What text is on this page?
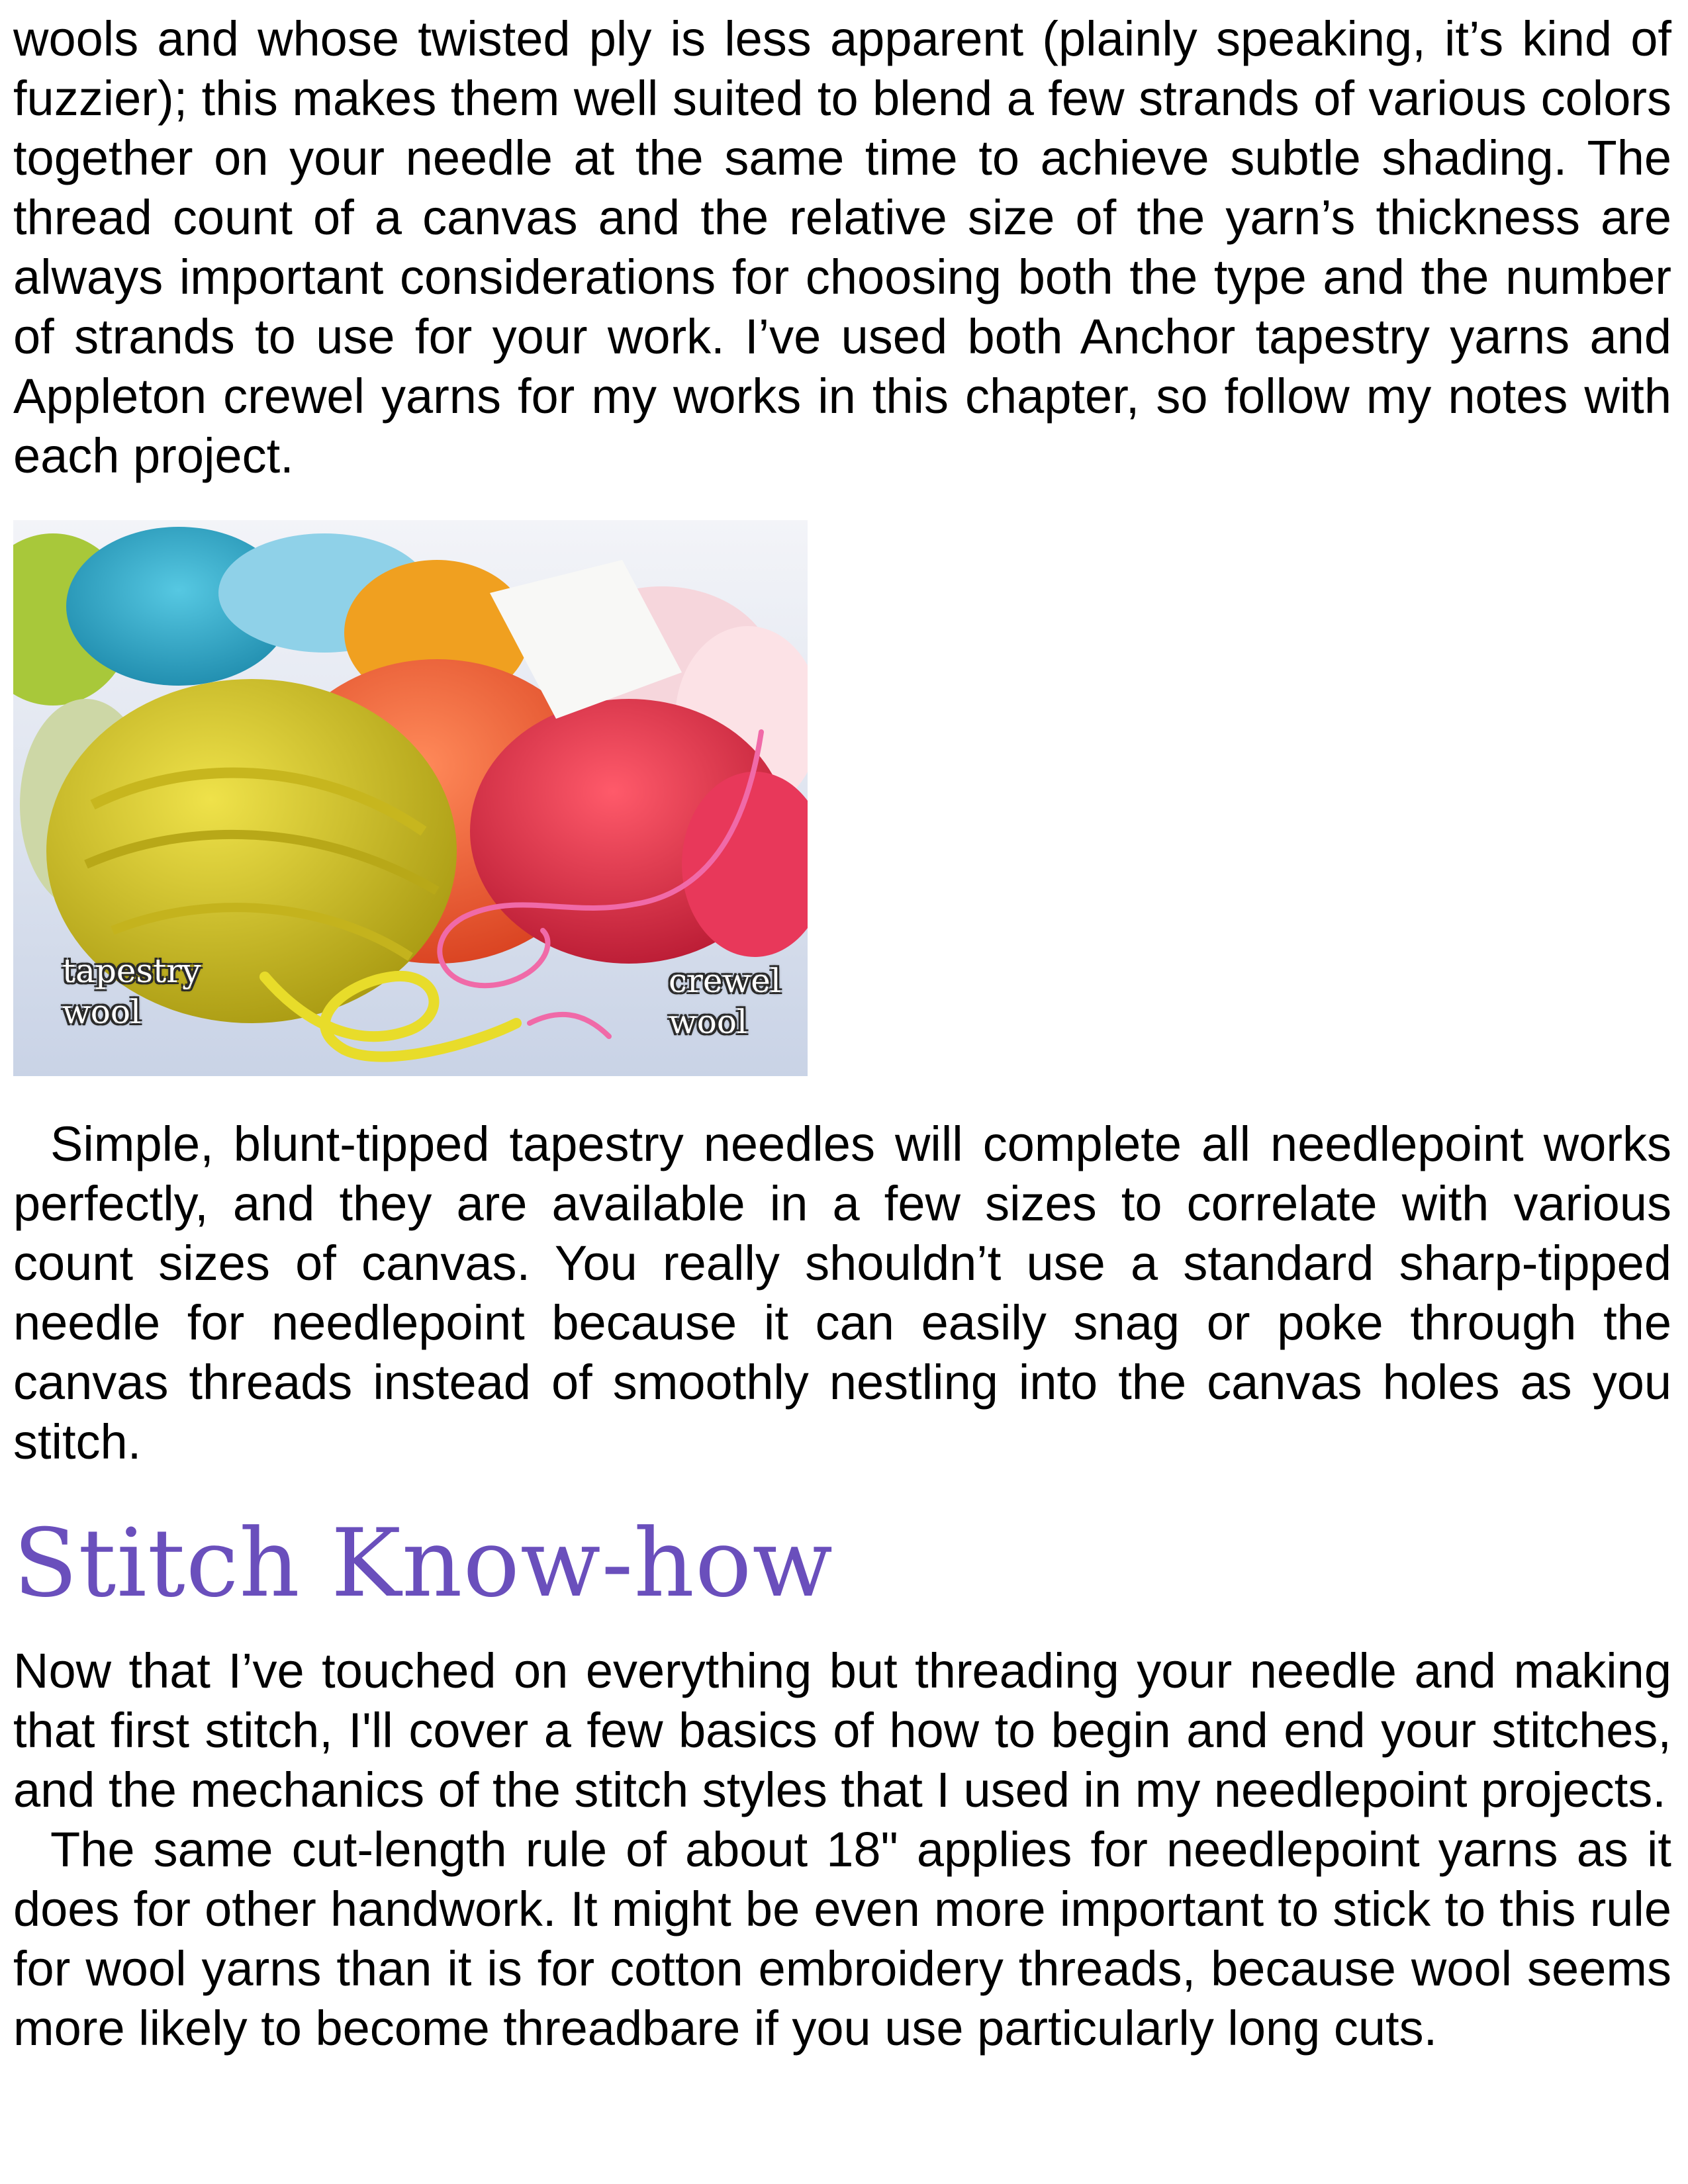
wools and whose twisted ply is less apparent (plainly speaking, it’s kind of fuzzier); this makes them well suited to blend a few strands of various colors together on your needle at the same time to achieve subtle shading. The thread count of a canvas and the relative size of the yarn’s thickness are always important considerations for choosing both the type and the number of strands to use for your work. I’ve used both Anchor tapestry yarns and Appleton crewel yarns for my works in this chapter, so follow my notes with each project.

tapestry
wool
crewel
wool

Simple, blunt-tipped tapestry needles will complete all needlepoint works perfectly, and they are available in a few sizes to correlate with various count sizes of canvas. You really shouldn’t use a standard sharp-tipped needle for needlepoint because it can easily snag or poke through the canvas threads instead of smoothly nestling into the canvas holes as you stitch.

Stitch Know-how

Now that I’ve touched on everything but threading your needle and making that first stitch, I'll cover a few basics of how to begin and end your stitches, and the mechanics of the stitch styles that I used in my needlepoint projects.

The same cut-length rule of about 18" applies for needlepoint yarns as it does for other handwork. It might be even more important to stick to this rule for wool yarns than it is for cotton embroidery threads, because wool seems more likely to become threadbare if you use particularly long cuts.
